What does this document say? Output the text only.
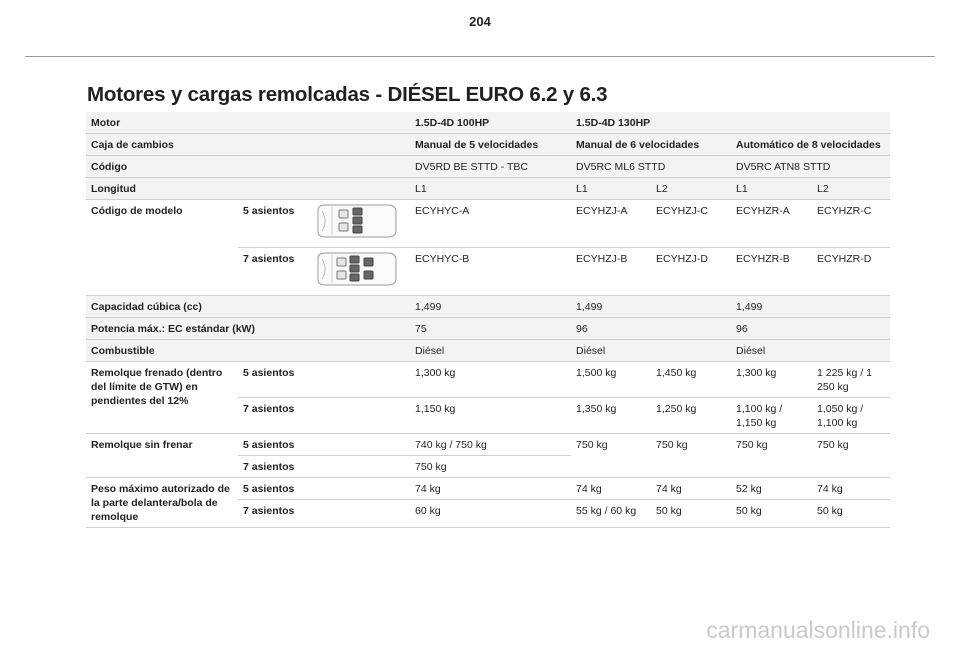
204
Motores y cargas remolcadas - DIÉSEL EURO 6.2 y 6.3
Motor			1.5D-4D 100HP	1.5D-4D 130HP			
Caja de cambios			Manual de 5 velocidades	Manual de 6 velocidades		Automático de 8 velocidades	
Código			DV5RD BE STTD - TBC	DV5RC ML6 STTD		DV5RC ATN8 STTD	
Longitud			L1	L1	L2	L1	L2
Código de modelo	5 asientos		ECYHYC-A	ECYHZJ-A	ECYHZJ-C	ECYHZR-A	ECYHZR-C
	7 asientos		ECYHYC-B	ECYHZJ-B	ECYHZJ-D	ECYHZR-B	ECYHZR-D
Capacidad cúbica (cc)			1,499	1,499		1,499	
Potencia máx.: EC estándar (kW)			75	96		96	
Combustible			Diésel	Diésel		Diésel	
Remolque frenado (dentro del límite de GTW) en pendientes del 12%	5 asientos		1,300 kg	1,500 kg	1,450 kg	1,300 kg	1 225 kg / 1 250 kg
	7 asientos		1,150 kg	1,350 kg	1,250 kg	1,100 kg / 1,150 kg	1,050 kg / 1,100 kg
Remolque sin frenar	5 asientos		740 kg / 750 kg	750 kg	750 kg	750 kg	750 kg
	7 asientos		750 kg				
Peso máximo autorizado de la parte delantera/bola de remolque	5 asientos		74 kg	74 kg	74 kg	52 kg	74 kg
	7 asientos		60 kg	55 kg / 60 kg	50 kg	50 kg	50 kg
carmanualsonline.info
